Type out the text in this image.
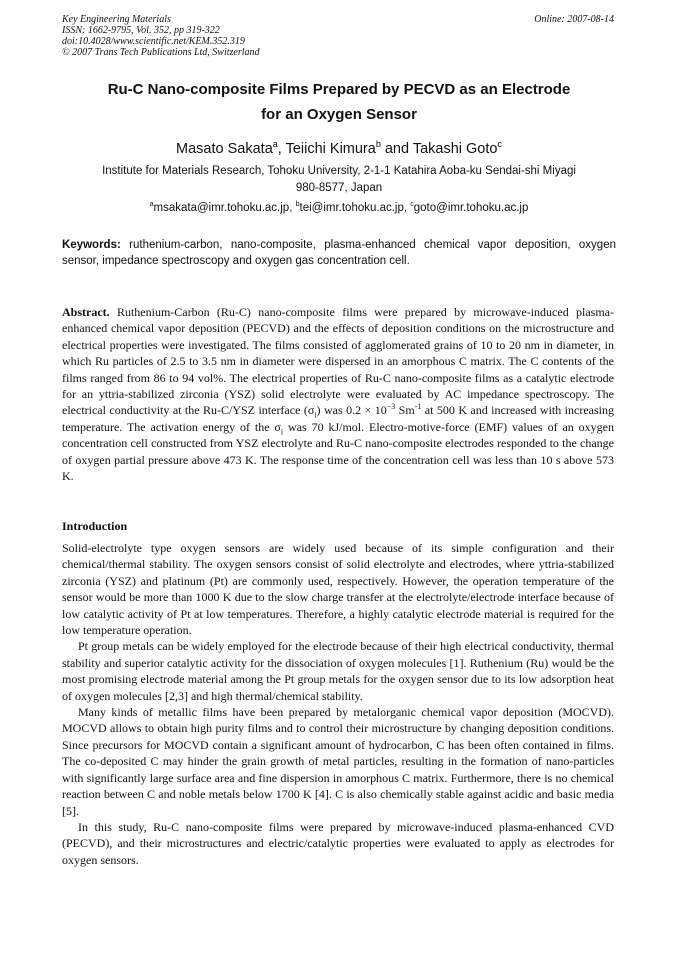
Key Engineering Materials
ISSN: 1662-9795, Vol. 352, pp 319-322
doi:10.4028/www.scientific.net/KEM.352.319
© 2007 Trans Tech Publications Ltd, Switzerland
Online: 2007-08-14
Ru-C Nano-composite Films Prepared by PECVD as an Electrode
for an Oxygen Sensor
Masato Sakata$^a$, Teiichi Kimura$^b$ and Takashi Goto$^c$
Institute for Materials Research, Tohoku University, 2-1-1 Katahira Aoba-ku Sendai-shi Miyagi
980-8577, Japan
$^a$msakata@imr.tohoku.ac.jp, $^b$tei@imr.tohoku.ac.jp, $^c$goto@imr.tohoku.ac.jp
Keywords: ruthenium-carbon, nano-composite, plasma-enhanced chemical vapor deposition, oxygen sensor, impedance spectroscopy and oxygen gas concentration cell.
Abstract. Ruthenium-Carbon (Ru-C) nano-composite films were prepared by microwave-induced plasma-enhanced chemical vapor deposition (PECVD) and the effects of deposition conditions on the microstructure and electrical properties were investigated. The films consisted of agglomerated grains of 10 to 20 nm in diameter, in which Ru particles of 2.5 to 3.5 nm in diameter were dispersed in an amorphous C matrix. The C contents of the films ranged from 86 to 94 vol%. The electrical properties of Ru-C nano-composite films as a catalytic electrode for an yttria-stabilized zirconia (YSZ) solid electrolyte were evaluated by AC impedance spectroscopy. The electrical conductivity at the Ru-C/YSZ interface $(\sigma_i)$ was $0.2 \times 10^{-3}$ $Sm^{-1}$ at 500 K and increased with increasing temperature. The activation energy of the $\sigma_i$ was 70 kJ/mol. Electro-motive-force (EMF) values of an oxygen concentration cell constructed from YSZ electrolyte and Ru-C nano-composite electrodes responded to the change of oxygen partial pressure above 473 K. The response time of the concentration cell was less than 10 s above 573 K.
Introduction

Solid-electrolyte type oxygen sensors are widely used because of its simple configuration and their chemical/thermal stability. The oxygen sensors consist of solid electrolyte and electrodes, where yttria-stabilized zirconia (YSZ) and platinum (Pt) are commonly used, respectively. However, the operation temperature of the sensor would be more than 1000 K due to the slow charge transfer at the electrolyte/electrode interface because of low catalytic activity of Pt at low temperatures. Therefore, a highly catalytic electrode material is required for the low temperature operation.

Pt group metals can be widely employed for the electrode because of their high electrical conductivity, thermal stability and superior catalytic activity for the dissociation of oxygen molecules [1]. Ruthenium (Ru) would be the most promising electrode material among the Pt group metals for the oxygen sensor due to its low adsorption heat of oxygen molecules [2,3] and high thermal/chemical stability.

Many kinds of metallic films have been prepared by metalorganic chemical vapor deposition (MOCVD). MOCVD allows to obtain high purity films and to control their microstructure by changing deposition conditions. Since precursors for MOCVD contain a significant amount of hydrocarbon, C has been often contained in films. The co-deposited C may hinder the grain growth of metal particles, resulting in the formation of nano-particles with significantly large surface area and fine dispersion in amorphous C matrix. Furthermore, there is no chemical reaction between C and noble metals below 1700 K [4]. C is also chemically stable against acidic and basic media [5].

In this study, Ru-C nano-composite films were prepared by microwave-induced plasma-enhanced CVD (PECVD), and their microstructures and electric/catalytic properties were evaluated to apply as electrodes for oxygen sensors.
